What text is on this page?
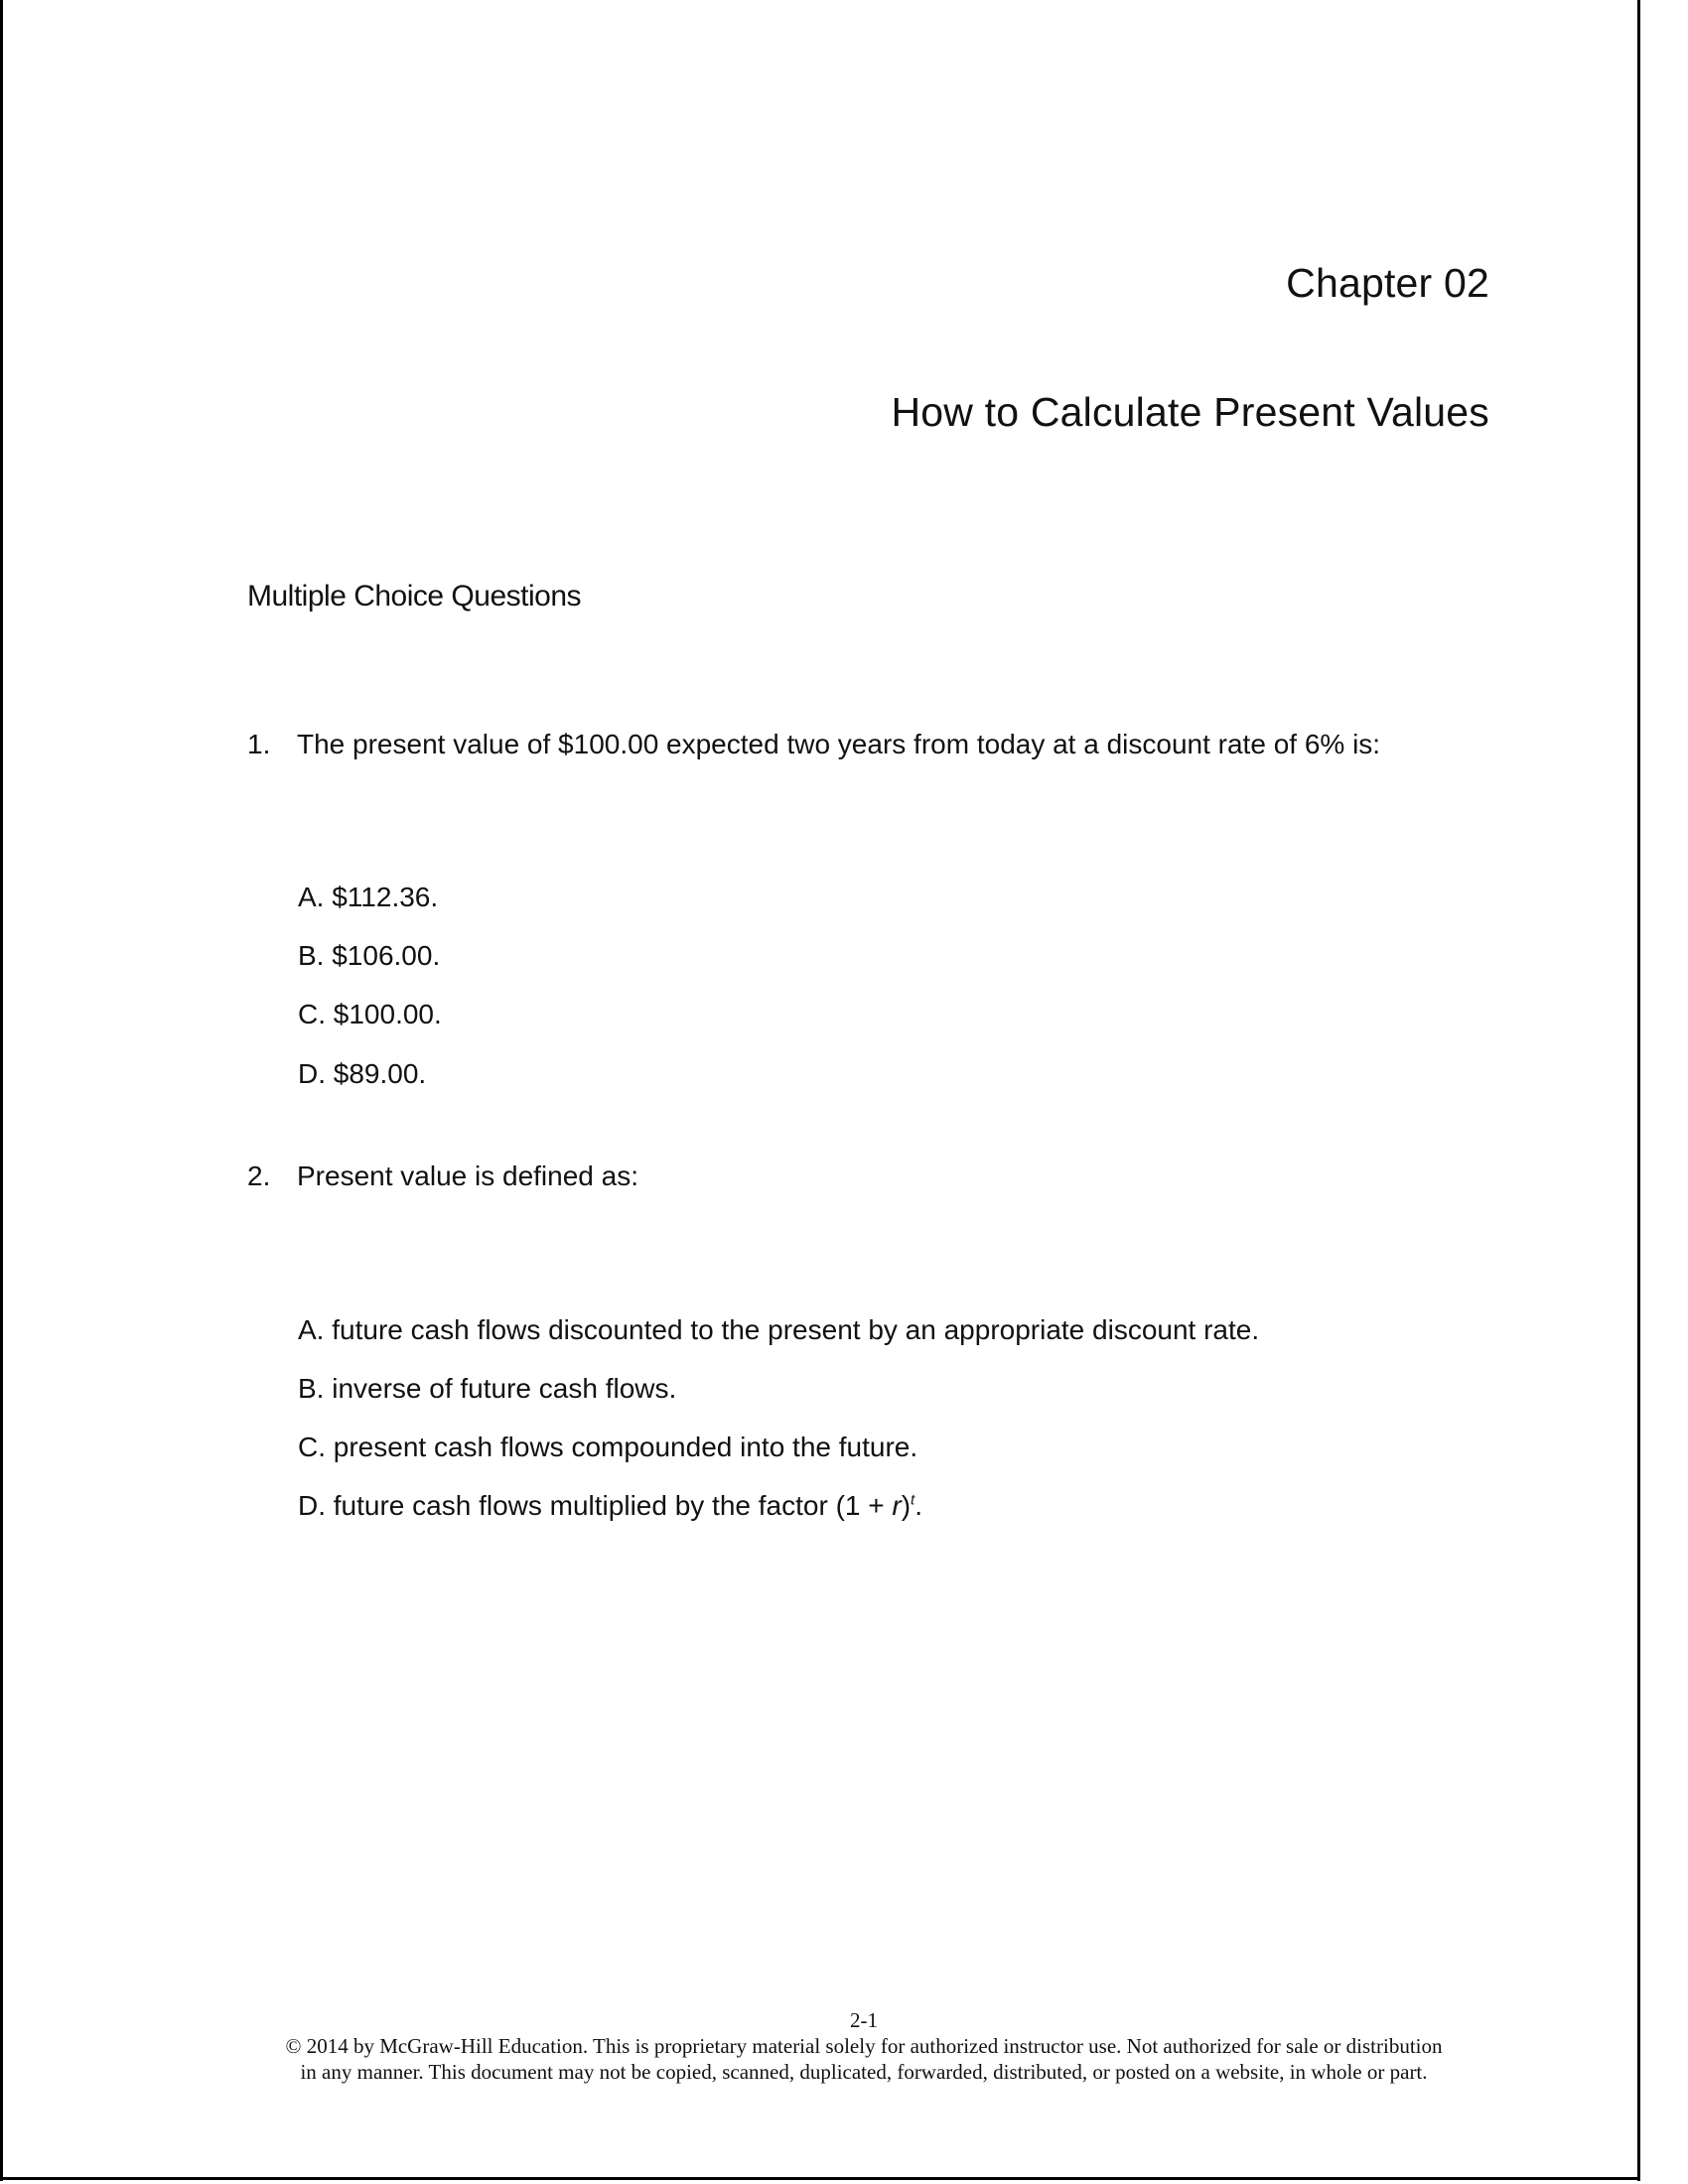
Chapter 02
How to Calculate Present Values
Multiple Choice Questions
1. The present value of $100.00 expected two years from today at a discount rate of 6% is:
A. $112.36.
B. $106.00.
C. $100.00.
D. $89.00.
2. Present value is defined as:
A. future cash flows discounted to the present by an appropriate discount rate.
B. inverse of future cash flows.
C. present cash flows compounded into the future.
D. future cash flows multiplied by the factor $(1 + r)^t$.
2-1
© 2014 by McGraw-Hill Education. This is proprietary material solely for authorized instructor use. Not authorized for sale or distribution
in any manner. This document may not be copied, scanned, duplicated, forwarded, distributed, or posted on a website, in whole or part.
